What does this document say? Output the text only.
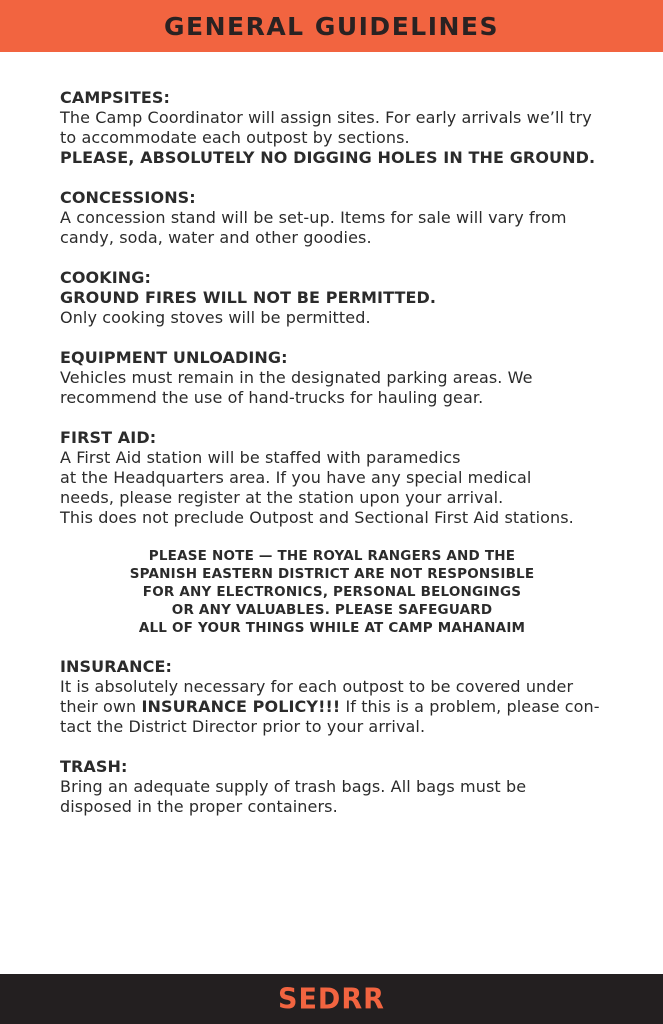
GENERAL GUIDELINES
CAMPSITES:
The Camp Coordinator will assign sites. For early arrivals we’ll try
to accommodate each outpost by sections.
PLEASE, ABSOLUTELY NO DIGGING HOLES IN THE GROUND.
CONCESSIONS:
A concession stand will be set-up. Items for sale will vary from
candy, soda, water and other goodies.
COOKING:
GROUND FIRES WILL NOT BE PERMITTED.
Only cooking stoves will be permitted.
EQUIPMENT UNLOADING:
Vehicles must remain in the designated parking areas. We
recommend the use of hand-trucks for hauling gear.
FIRST AID:
A First Aid station will be staffed with paramedics
at the Headquarters area. If you have any special medical
needs, please register at the station upon your arrival.
This does not preclude Outpost and Sectional First Aid stations.
PLEASE NOTE — THE ROYAL RANGERS AND THE
SPANISH EASTERN DISTRICT ARE NOT RESPONSIBLE
FOR ANY ELECTRONICS, PERSONAL BELONGINGS
OR ANY VALUABLES. PLEASE SAFEGUARD
ALL OF YOUR THINGS WHILE AT CAMP MAHANAIM
INSURANCE:
It is absolutely necessary for each outpost to be covered under
their own INSURANCE POLICY!!! If this is a problem, please con-
tact the District Director prior to your arrival.
TRASH:
Bring an adequate supply of trash bags. All bags must be
disposed in the proper containers.
SEDRR
